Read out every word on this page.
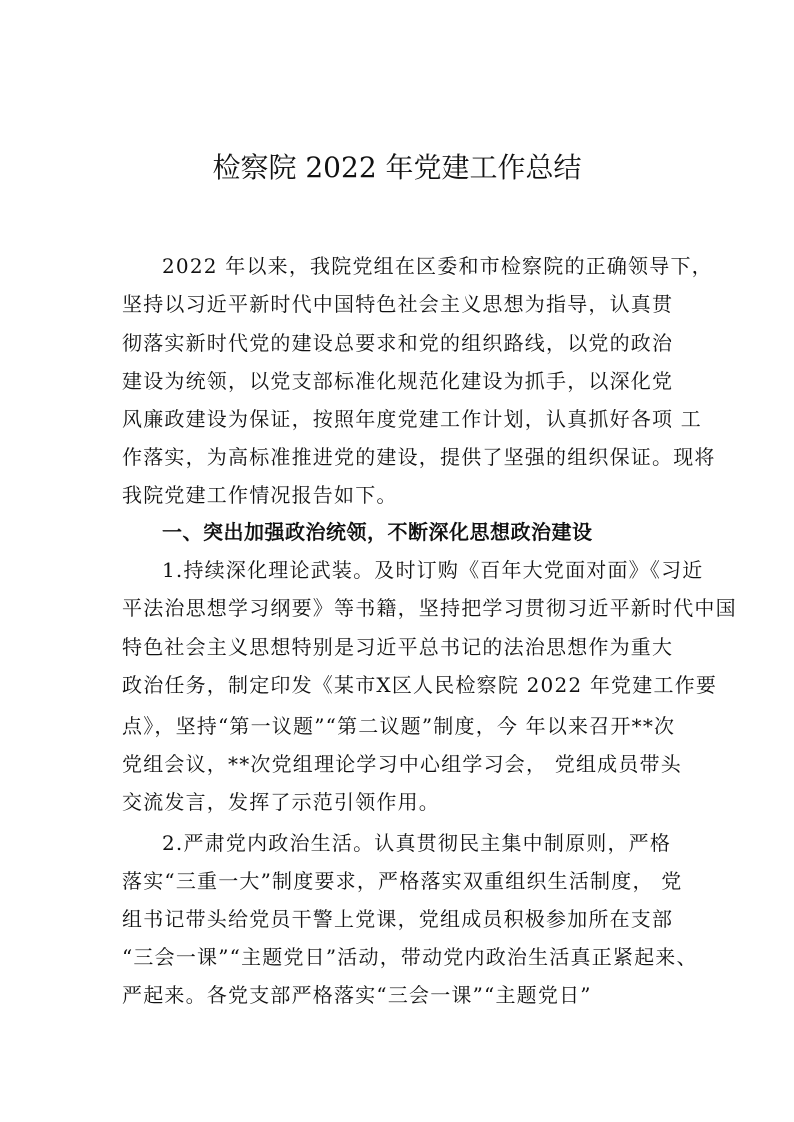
检察院 2022 年党建工作总结
2022 年以来，我院党组在区委和市检察院的正确领导下，
坚持以习近平新时代中国特色社会主义思想为指导，认真贯
彻落实新时代党的建设总要求和党的组织路线，以党的政治
建设为统领，以党支部标准化规范化建设为抓手，以深化党
风廉政建设为保证，按照年度党建工作计划，认真抓好各项 工
作落实，为高标准推进党的建设，提供了坚强的组织保证。现将
我院党建工作情况报告如下。
一、突出加强政治统领，不断深化思想政治建设
1.持续深化理论武装。及时订购《百年大党面对面》《习近
平法治思想学习纲要》等书籍，坚持把学习贯彻习近平新时代中国
特色社会主义思想特别是习近平总书记的法治思想作为重大
政治任务，制定印发《某市X区人民检察院 2022 年党建工作要
点》，坚持“第一议题”“第二议题”制度，今 年以来召开**次
党组会议，**次党组理论学习中心组学习会， 党组成员带头
交流发言，发挥了示范引领作用。
2.严肃党内政治生活。认真贯彻民主集中制原则，严格
落实“三重一大”制度要求，严格落实双重组织生活制度， 党
组书记带头给党员干警上党课，党组成员积极参加所在支部
“三会一课”“主题党日”活动，带动党内政治生活真正紧起来、
严起来。各党支部严格落实“三会一课”“主题党日”
